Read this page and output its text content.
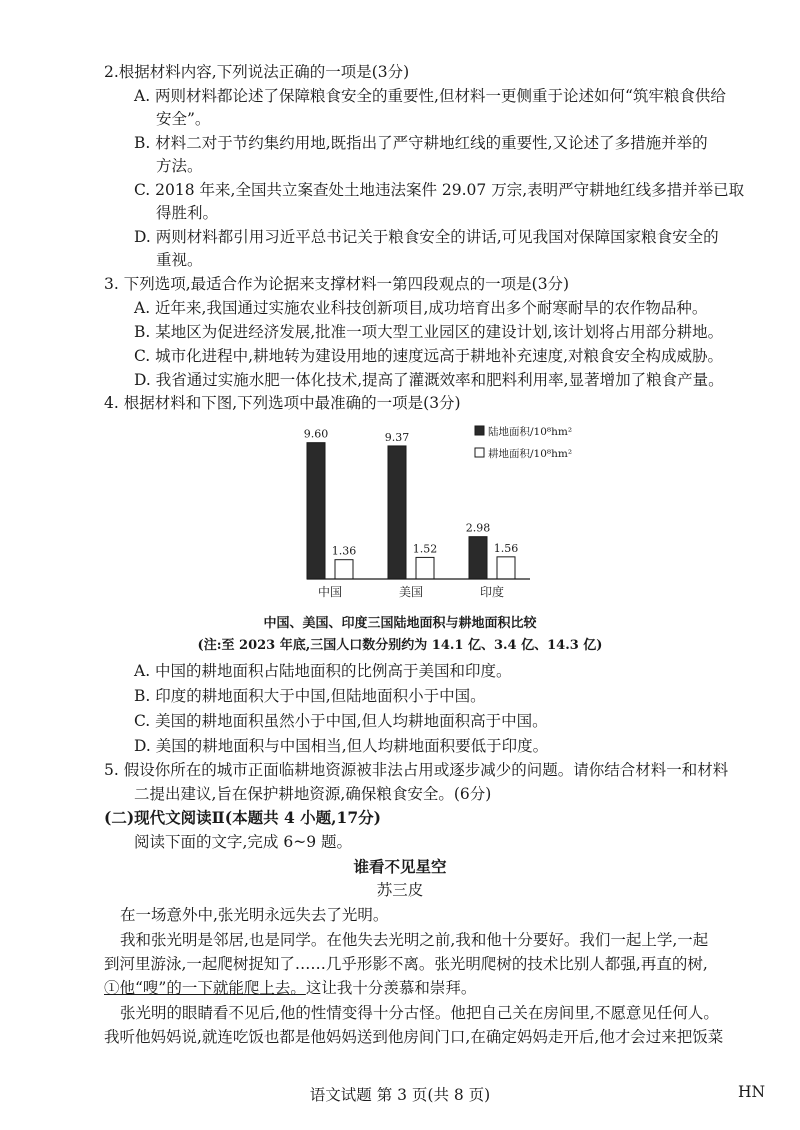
2.根据材料内容,下列说法正确的一项是(3分)
A. 两则材料都论述了保障粮食安全的重要性,但材料一更侧重于论述如何“筑牢粮食供给
安全”。
B. 材料二对于节约集约用地,既指出了严守耕地红线的重要性,又论述了多措施并举的
方法。
C. 2018 年来,全国共立案查处土地违法案件 29.07 万宗,表明严守耕地红线多措并举已取
得胜利。
D. 两则材料都引用习近平总书记关于粮食安全的讲话,可见我国对保障国家粮食安全的
重视。
3. 下列选项,最适合作为论据来支撑材料一第四段观点的一项是(3分)
A. 近年来,我国通过实施农业科技创新项目,成功培育出多个耐寒耐旱的农作物品种。
B. 某地区为促进经济发展,批准一项大型工业园区的建设计划,该计划将占用部分耕地。
C. 城市化进程中,耕地转为建设用地的速度远高于耕地补充速度,对粮食安全构成威胁。
D. 我省通过实施水肥一体化技术,提高了灌溉效率和肥料利用率,显著增加了粮食产量。
4. 根据材料和下图,下列选项中最准确的一项是(3分)
9.60
1.36
中国
9.37
1.52
美国
2.98
1.56
印度
陆地面积/10⁸hm²
耕地面积/10⁸hm²
中国、美国、印度三国陆地面积与耕地面积比较
(注:至 2023 年底,三国人口数分别约为 14.1 亿、3.4 亿、14.3 亿)
A. 中国的耕地面积占陆地面积的比例高于美国和印度。
B. 印度的耕地面积大于中国,但陆地面积小于中国。
C. 美国的耕地面积虽然小于中国,但人均耕地面积高于中国。
D. 美国的耕地面积与中国相当,但人均耕地面积要低于印度。
5. 假设你所在的城市正面临耕地资源被非法占用或逐步减少的问题。请你结合材料一和材料
二提出建议,旨在保护耕地资源,确保粮食安全。(6分)
(二)现代文阅读Ⅱ(本题共 4 小题,17分)
阅读下面的文字,完成 6~9 题。
谁看不见星空
苏三皮
在一场意外中,张光明永远失去了光明。
我和张光明是邻居,也是同学。在他失去光明之前,我和他十分要好。我们一起上学,一起
到河里游泳,一起爬树捉知了……几乎形影不离。张光明爬树的技术比别人都强,再直的树,
①他“嗖”的一下就能爬上去。这让我十分羡慕和崇拜。
张光明的眼睛看不见后,他的性情变得十分古怪。他把自己关在房间里,不愿意见任何人。
我听他妈妈说,就连吃饭也都是他妈妈送到他房间门口,在确定妈妈走开后,他才会过来把饭菜
语文试题 第 3 页(共 8 页)	HN
